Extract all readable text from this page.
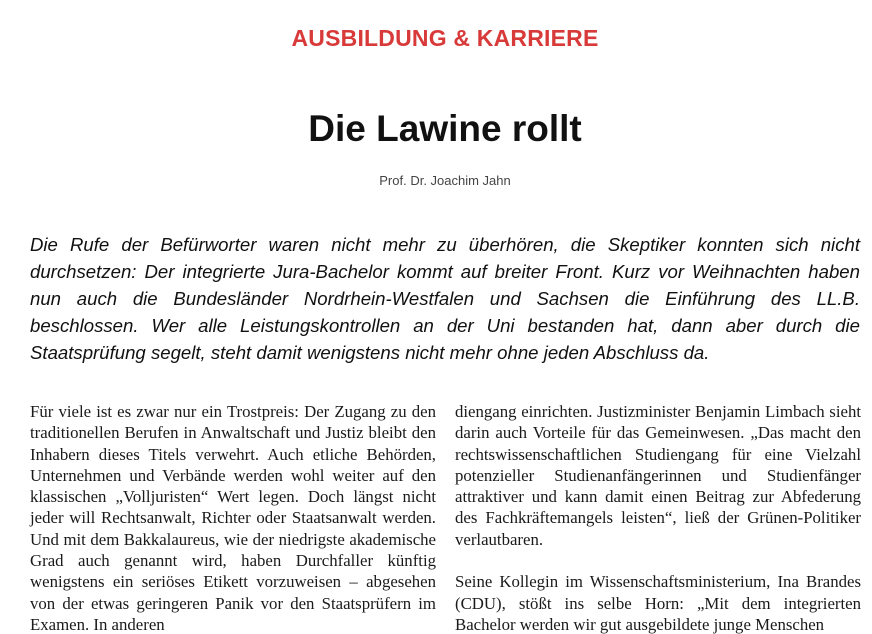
AUSBILDUNG & KARRIERE
Die Lawine rollt
Prof. Dr. Joachim Jahn
Die Rufe der Befürworter waren nicht mehr zu überhören, die Skeptiker konnten sich nicht durchsetzen: Der integrierte Jura-Bachelor kommt auf breiter Front. Kurz vor Weihnachten haben nun auch die Bundesländer Nordrhein-Westfalen und Sachsen die Einführung des LL.B. beschlossen. Wer alle Leistungskontrollen an der Uni bestanden hat, dann aber durch die Staatsprüfung segelt, steht damit wenigstens nicht mehr ohne jeden Abschluss da.

Für viele ist es zwar nur ein Trostpreis: Der Zugang zu den traditionellen Berufen in Anwaltschaft und Justiz bleibt den Inhabern dieses Titels verwehrt. Auch etliche Behörden, Unternehmen und Verbände werden wohl weiter auf den klassischen „Volljuristen“ Wert legen. Doch längst nicht jeder will Rechtsanwalt, Richter oder Staatsanwalt werden. Und mit dem Bakkalaureus, wie der niedrigste akademische Grad auch genannt wird, haben Durchfaller künftig wenigstens ein seriöses Etikett vorzuweisen – abgesehen von der etwas geringeren Panik vor den Staatsprüfern im Examen. In anderen

diengang einrichten. Justizminister Benjamin Limbach sieht darin auch Vorteile für das Gemeinwesen. „Das macht den rechtswissenschaftlichen Studiengang für eine Vielzahl potenzieller Studienanfängerinnen und Studienfänger attraktiver und kann damit einen Beitrag zur Abfederung des Fachkräftemangels leisten“, ließ der Grünen-Politiker verlautbaren.

Seine Kollegin im Wissenschaftsministerium, Ina Brandes (CDU), stößt ins selbe Horn: „Mit dem integrierten Bachelor werden wir gut ausgebildete junge Menschen
